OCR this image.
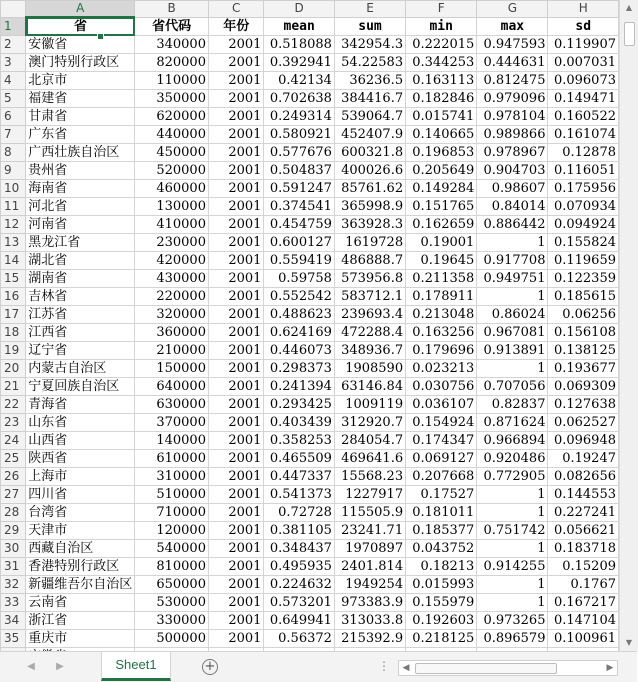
	A	B	C	D	E	F	G	H
1	省	省代码	年份	mean	sum	min	max	sd
2	安徽省	340000	2001	0.518088	342954.3	0.222015	0.947593	0.119907
3	澳门特别行政区	820000	2001	0.392941	54.22583	0.344253	0.444631	0.007031
4	北京市	110000	2001	0.42134	36236.5	0.163113	0.812475	0.096073
5	福建省	350000	2001	0.702638	384416.7	0.182846	0.979096	0.149471
6	甘肃省	620000	2001	0.249314	539064.7	0.015741	0.978104	0.160522
7	广东省	440000	2001	0.580921	452407.9	0.140665	0.989866	0.161074
8	广西壮族自治区	450000	2001	0.577676	600321.8	0.196853	0.978967	0.12878
9	贵州省	520000	2001	0.504837	400026.6	0.205649	0.904703	0.116051
10	海南省	460000	2001	0.591247	85761.62	0.149284	0.98607	0.175956
11	河北省	130000	2001	0.374541	365998.9	0.151765	0.84014	0.070934
12	河南省	410000	2001	0.454759	363928.3	0.162659	0.886442	0.094924
13	黑龙江省	230000	2001	0.600127	1619728	0.19001	1	0.155824
14	湖北省	420000	2001	0.559419	486888.7	0.19645	0.917708	0.119659
15	湖南省	430000	2001	0.59758	573956.8	0.211358	0.949751	0.122359
16	吉林省	220000	2001	0.552542	583712.1	0.178911	1	0.185615
17	江苏省	320000	2001	0.488623	239693.4	0.213048	0.86024	0.06256
18	江西省	360000	2001	0.624169	472288.4	0.163256	0.967081	0.156108
19	辽宁省	210000	2001	0.446073	348936.7	0.179696	0.913891	0.138125
20	内蒙古自治区	150000	2001	0.298373	1908590	0.023213	1	0.193677
21	宁夏回族自治区	640000	2001	0.241394	63146.84	0.030756	0.707056	0.069309
22	青海省	630000	2001	0.293425	1009119	0.036107	0.82837	0.127638
23	山东省	370000	2001	0.403439	312920.7	0.154924	0.871624	0.062527
24	山西省	140000	2001	0.358253	284054.7	0.174347	0.966894	0.096948
25	陕西省	610000	2001	0.465509	469641.6	0.069127	0.920486	0.19247
26	上海市	310000	2001	0.447337	15568.23	0.207668	0.772905	0.082656
27	四川省	510000	2001	0.541373	1227917	0.17527	1	0.144553
28	台湾省	710000	2001	0.72728	115505.9	0.181011	1	0.227241
29	天津市	120000	2001	0.381105	23241.71	0.185377	0.751742	0.056621
30	西藏自治区	540000	2001	0.348437	1970897	0.043752	1	0.183718
31	香港特别行政区	810000	2001	0.495935	2401.814	0.18213	0.914255	0.15209
32	新疆维吾尔自治区	650000	2001	0.224632	1949254	0.015993	1	0.1767
33	云南省	530000	2001	0.573201	973383.9	0.155979	1	0.167217
34	浙江省	330000	2001	0.649941	313033.8	0.192603	0.973265	0.147104
35	重庆市	500000	2001	0.56372	215392.9	0.218125	0.896579	0.100961

▲
▼
◀	▶	Sheet1	+	⋮	◀	▶
